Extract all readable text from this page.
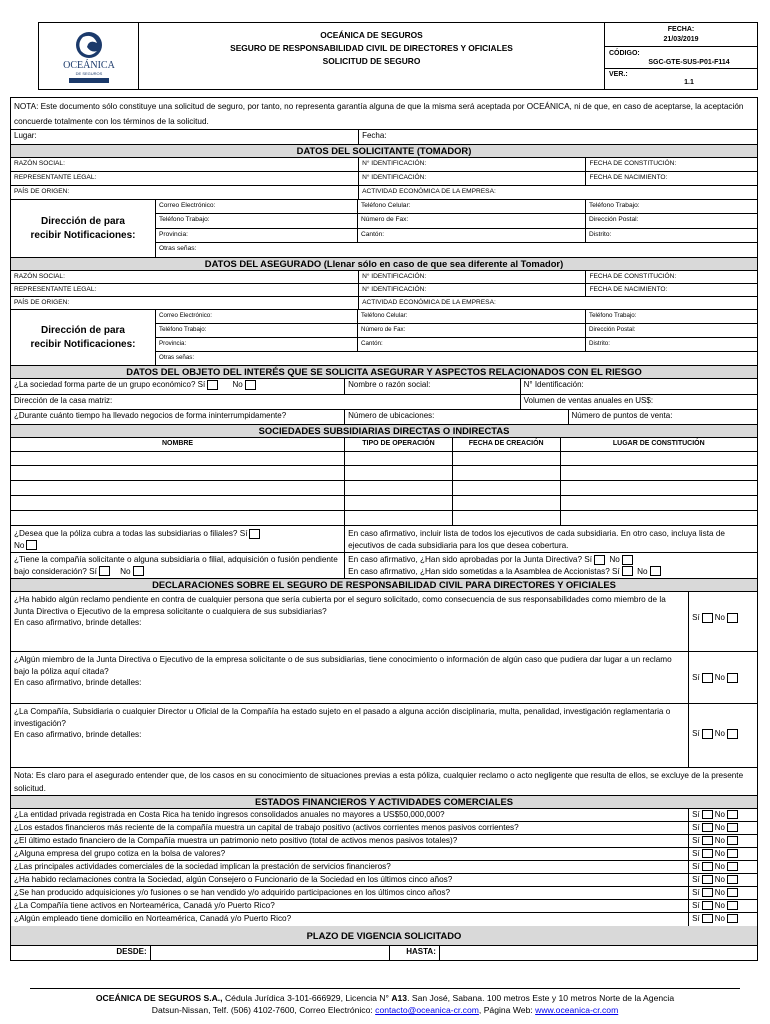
OCEÁNICA
DE SEGUROS
OCEÁNICA DE SEGUROS
SEGURO DE RESPONSABILIDAD CIVIL DE DIRECTORES Y OFICIALES
SOLICITUD DE SEGURO
FECHA:
21/03/2019
CÓDIGO:
SGC-GTE-SUS-P01-F114
VER.:
1.1
NOTA: Este documento sólo constituye una solicitud de seguro, por tanto, no representa garantía alguna de que la misma será aceptada por OCEÁNICA, ni de que, en caso de aceptarse, la aceptación concuerde totalmente con los términos de la solicitud.
Lugar:	Fecha:
DATOS DEL SOLICITANTE (TOMADOR)
RAZÓN SOCIAL:	N° IDENTIFICACIÓN:	FECHA DE CONSTITUCIÓN:
REPRESENTANTE LEGAL:	N° IDENTIFICACIÓN:	FECHA DE NACIMIENTO:
PAÍS DE ORIGEN:	ACTIVIDAD ECONÓMICA DE LA EMPRESA:
Dirección de para recibir Notificaciones:
Correo Electrónico:	Teléfono Celular:	Teléfono Trabajo:
Teléfono Trabajo:	Número de Fax:	Dirección Postal:
Provincia:	Cantón:	Distrito:
Otras señas:
DATOS DEL ASEGURADO (Llenar sólo en caso de que sea diferente al Tomador)
RAZÓN SOCIAL:	N° IDENTIFICACIÓN:	FECHA DE CONSTITUCIÓN:
REPRESENTANTE LEGAL:	N° IDENTIFICACIÓN:	FECHA DE NACIMIENTO:
PAÍS DE ORIGEN:	ACTIVIDAD ECONÓMICA DE LA EMPRESA:
Dirección de para recibir Notificaciones:
Correo Electrónico:	Teléfono Celular:	Teléfono Trabajo:
Teléfono Trabajo:	Número de Fax:	Dirección Postal:
Provincia:	Cantón:	Distrito:
Otras señas:
DATOS DEL OBJETO DEL INTERÉS QUE SE SOLICITA ASEGURAR Y ASPECTOS RELACIONADOS CON EL RIESGO
¿La sociedad forma parte de un grupo económico? Sí	No	Nombre o razón social:	N° Identificación:
Dirección de la casa matriz:	Volumen de ventas anuales en US$:
¿Durante cuánto tiempo ha llevado negocios de forma ininterrumpidamente?	Número de ubicaciones:	Número de puntos de venta:
SOCIEDADES SUBSIDIARIAS DIRECTAS O INDIRECTAS
NOMBRE	TIPO DE OPERACIÓN	FECHA DE CREACIÓN	LUGAR DE CONSTITUCIÓN
¿Desea que la póliza cubra a todas las subsidiarias o filiales? Sí
No
En caso afirmativo, incluir lista de todos los ejecutivos de cada subsidiaria. En otro caso, incluya lista de ejecutivos de cada subsidiaria para los que desea cobertura.
¿Tiene la compañía solicitante o alguna subsidiaria o filial, adquisición o fusión pendiente bajo consideración? Sí	No
En caso afirmativo, ¿Han sido aprobadas por la Junta Directiva? Sí No
En caso afirmativo, ¿Han sido sometidas a la Asamblea de Accionistas? Sí No
DECLARACIONES SOBRE EL SEGURO DE RESPONSABILIDAD CIVIL PARA DIRECTORES Y OFICIALES
¿Ha habido algún reclamo pendiente en contra de cualquier persona que sería cubierta por el seguro solicitado, como consecuencia de sus responsabilidades como miembro de la Junta Directiva o Ejecutivo de la empresa solicitante o cualquiera de sus subsidiarias?
En caso afirmativo, brinde detalles:
Sí No
¿Algún miembro de la Junta Directiva o Ejecutivo de la empresa solicitante o de sus subsidiarias, tiene conocimiento o información de algún caso que pudiera dar lugar a un reclamo bajo la póliza aquí citada?
En caso afirmativo, brinde detalles:
Sí No
¿La Compañía, Subsidiaria o cualquier Director u Oficial de la Compañía ha estado sujeto en el pasado a alguna acción disciplinaria, multa, penalidad, investigación reglamentaria o investigación?
En caso afirmativo, brinde detalles:	Sí No
Nota: Es claro para el asegurado entender que, de los casos en su conocimiento de situaciones previas a esta póliza, cualquier reclamo o acto negligente que resulta de ellos, se excluye de la presente solicitud.
ESTADOS FINANCIEROS Y ACTIVIDADES COMERCIALES
¿La entidad privada registrada en Costa Rica ha tenido ingresos consolidados anuales no mayores a US$50,000,000?	Sí No
¿Los estados financieros más reciente de la compañía muestra un capital de trabajo positivo (activos corrientes menos pasivos corrientes?	Sí No
¿El último estado financiero de la Compañía muestra un patrimonio neto positivo (total de activos menos pasivos totales)?	Sí No
¿Alguna empresa del grupo cotiza en la bolsa de valores?	Sí No
¿Las principales actividades comerciales de la sociedad implican la prestación de servicios financieros?	Sí No
¿Ha habido reclamaciones contra la Sociedad, algún Consejero o Funcionario de la Sociedad en los últimos cinco años?	Sí No
¿Se han producido adquisiciones y/o fusiones o se han vendido y/o adquirido participaciones en los últimos cinco años?	Sí No
¿La Compañía tiene activos en Norteamérica, Canadá y/o Puerto Rico?	Sí No
¿Algún empleado tiene domicilio en Norteamérica, Canadá y/o Puerto Rico?	Sí No
PLAZO DE VIGENCIA SOLICITADO
DESDE:	HASTA:
OCEÁNICA DE SEGUROS S.A., Cédula Jurídica 3-101-666929, Licencia N° A13. San José, Sabana. 100 metros Este y 10 metros Norte de la Agencia
Datsun-Nissan, Telf. (506) 4102-7600, Correo Electrónico: contacto@oceanica-cr.com, Página Web: www.oceanica-cr.com
